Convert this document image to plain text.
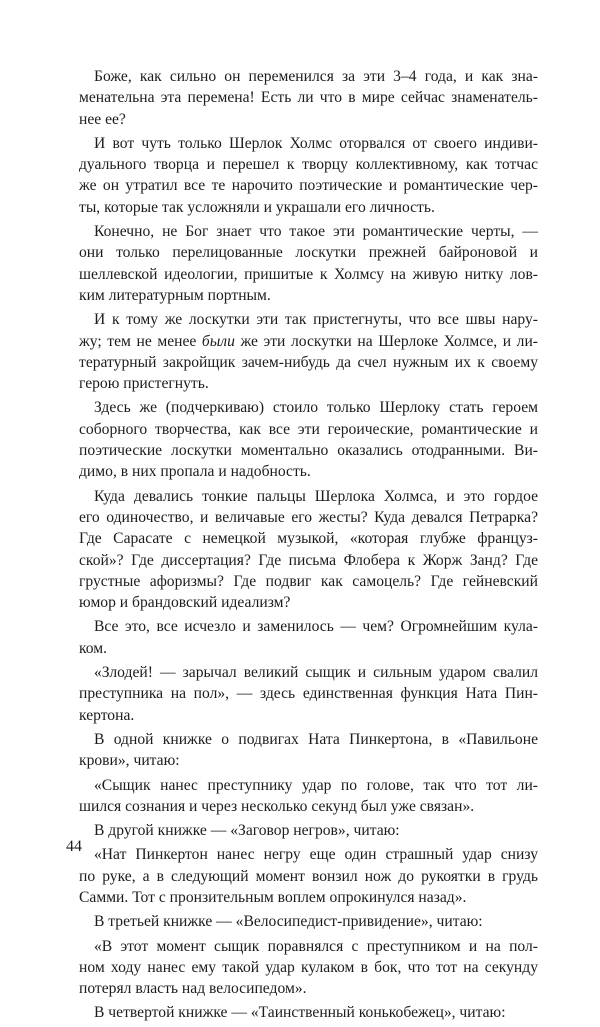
Боже, как сильно он переменился за эти 3–4 года, и как зна-
менательна эта перемена! Есть ли что в мире сейчас знаменатель-
нее ее?
И вот чуть только Шерлок Холмс оторвался от своего индиви-
дуального творца и перешел к творцу коллективному, как тотчас
же он утратил все те нарочито поэтические и романтические чер-
ты, которые так усложняли и украшали его личность.
Конечно, не Бог знает что такое эти романтические черты, —
они только перелицованные лоскутки прежней байроновой и
шеллевской идеологии, пришитые к Холмсу на живую нитку лов-
ким литературным портным.
И к тому же лоскутки эти так пристегнуты, что все швы нару-
жу; тем не менее были же эти лоскутки на Шерлоке Холмсе, и ли-
тературный закройщик зачем-нибудь да счел нужным их к своему
герою пристегнуть.
Здесь же (подчеркиваю) стоило только Шерлоку стать героем
соборного творчества, как все эти героические, романтические и
поэтические лоскутки моментально оказались отодранными. Ви-
димо, в них пропала и надобность.
Куда девались тонкие пальцы Шерлока Холмса, и это гордое
его одиночество, и величавые его жесты? Куда девался Петрарка?
Где Сарасате с немецкой музыкой, «которая глубже француз-
ской»? Где диссертация? Где письма Флобера к Жорж Занд? Где
грустные афоризмы? Где подвиг как самоцель? Где гейневский
юмор и брандовский идеализм?
Все это, все исчезло и заменилось — чем? Огромнейшим кула-
ком.
«Злодей! — зарычал великий сыщик и сильным ударом свалил
преступника на пол», — здесь единственная функция Ната Пин-
кертона.
В одной книжке о подвигах Ната Пинкертона, в «Павильоне
крови», читаю:
«Сыщик нанес преступнику удар по голове, так что тот ли-
шился сознания и через несколько секунд был уже связан».
В другой книжке — «Заговор негров», читаю:
«Нат Пинкертон нанес негру еще один страшный удар снизу
по руке, а в следующий момент вонзил нож до рукоятки в грудь
Самми. Тот с пронзительным воплем опрокинулся назад».
В третьей книжке — «Велосипедист-привидение», читаю:
«В этот момент сыщик поравнялся с преступником и на пол-
ном ходу нанес ему такой удар кулаком в бок, что тот на секунду
потерял власть над велосипедом».
В четвертой книжке — «Таинственный конькобежец», читаю:
44
